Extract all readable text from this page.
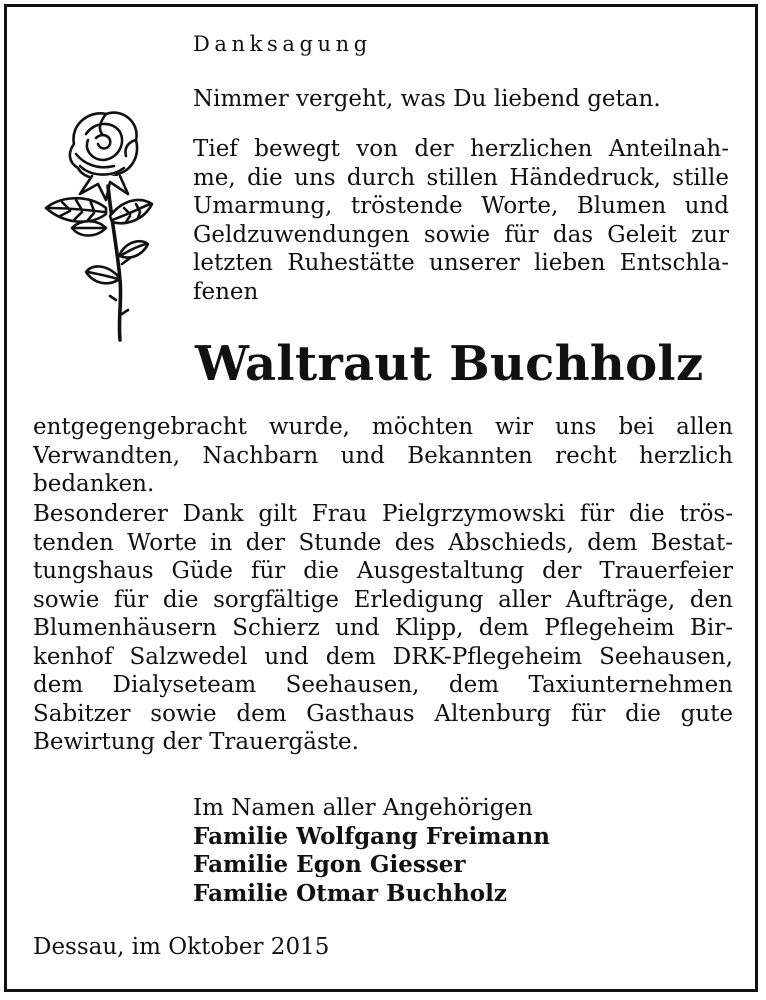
Danksagung
Nimmer vergeht, was Du liebend getan.
Tief bewegt von der herzlichen Anteilnah-
me, die uns durch stillen Händedruck, stille
Umarmung, tröstende Worte, Blumen und
Geldzuwendungen sowie für das Geleit zur
letzten Ruhestätte unserer lieben Entschla-
fenen
Waltraut Buchholz
entgegengebracht wurde, möchten wir uns bei allen
Verwandten, Nachbarn und Bekannten recht herzlich
bedanken.
Besonderer Dank gilt Frau Pielgrzymowski für die trös-
tenden Worte in der Stunde des Abschieds, dem Bestat-
tungshaus Güde für die Ausgestaltung der Trauerfeier
sowie für die sorgfältige Erledigung aller Aufträge, den
Blumenhäusern Schierz und Klipp, dem Pflegeheim Bir-
kenhof Salzwedel und dem DRK-Pflegeheim Seehausen,
dem Dialyseteam Seehausen, dem Taxiunternehmen
Sabitzer sowie dem Gasthaus Altenburg für die gute
Bewirtung der Trauergäste.
Im Namen aller Angehörigen
Familie Wolfgang Freimann
Familie Egon Giesser
Familie Otmar Buchholz
Dessau, im Oktober 2015
